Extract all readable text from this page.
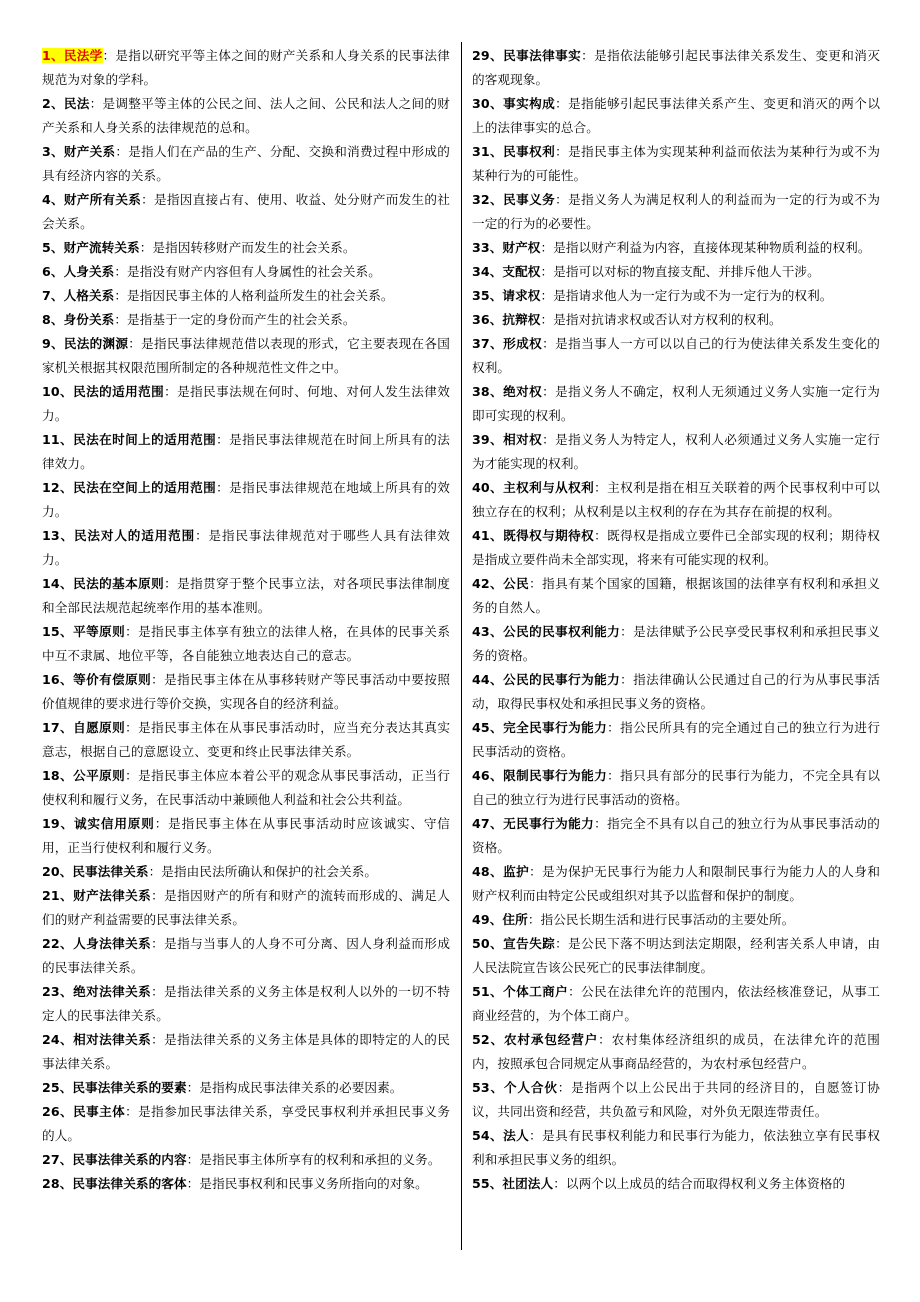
1、民法学：是指以研究平等主体之间的财产关系和人身关系的民事法律规范为对象的学科。

2、民法：是调整平等主体的公民之间、法人之间、公民和法人之间的财产关系和人身关系的法律规范的总和。

3、财产关系：是指人们在产品的生产、分配、交换和消费过程中形成的具有经济内容的关系。

4、财产所有关系：是指因直接占有、使用、收益、处分财产而发生的社会关系。

5、财产流转关系：是指因转移财产而发生的社会关系。

6、人身关系：是指没有财产内容但有人身属性的社会关系。

7、人格关系：是指因民事主体的人格利益所发生的社会关系。

8、身份关系：是指基于一定的身份而产生的社会关系。

9、民法的渊源：是指民事法律规范借以表现的形式，它主要表现在各国家机关根据其权限范围所制定的各种规范性文件之中。

10、民法的适用范围：是指民事法规在何时、何地、对何人发生法律效力。

11、民法在时间上的适用范围：是指民事法律规范在时间上所具有的法律效力。

12、民法在空间上的适用范围：是指民事法律规范在地域上所具有的效力。

13、民法对人的适用范围：是指民事法律规范对于哪些人具有法律效力。

14、民法的基本原则：是指贯穿于整个民事立法，对各项民事法律制度和全部民法规范起统率作用的基本准则。

15、平等原则：是指民事主体享有独立的法律人格，在具体的民事关系中互不隶属、地位平等，各自能独立地表达自己的意志。

16、等价有偿原则：是指民事主体在从事移转财产等民事活动中要按照价值规律的要求进行等价交换，实现各自的经济利益。

17、自愿原则：是指民事主体在从事民事活动时，应当充分表达其真实意志，根据自己的意愿设立、变更和终止民事法律关系。

18、公平原则：是指民事主体应本着公平的观念从事民事活动，正当行使权利和履行义务，在民事活动中兼顾他人利益和社会公共利益。

19、诚实信用原则：是指民事主体在从事民事活动时应该诚实、守信用，正当行使权利和履行义务。

20、民事法律关系：是指由民法所确认和保护的社会关系。

21、财产法律关系：是指因财产的所有和财产的流转而形成的、满足人们的财产利益需要的民事法律关系。

22、人身法律关系：是指与当事人的人身不可分离、因人身利益而形成的民事法律关系。

23、绝对法律关系：是指法律关系的义务主体是权利人以外的一切不特定人的民事法律关系。

24、相对法律关系：是指法律关系的义务主体是具体的即特定的人的民事法律关系。

25、民事法律关系的要素：是指构成民事法律关系的必要因素。

26、民事主体：是指参加民事法律关系，享受民事权利并承担民事义务的人。

27、民事法律关系的内容：是指民事主体所享有的权利和承担的义务。

28、民事法律关系的客体：是指民事权利和民事义务所指向的对象。

29、民事法律事实：是指依法能够引起民事法律关系发生、变更和消灭的客观现象。

30、事实构成：是指能够引起民事法律关系产生、变更和消灭的两个以上的法律事实的总合。

31、民事权利：是指民事主体为实现某种利益而依法为某种行为或不为某种行为的可能性。

32、民事义务：是指义务人为满足权利人的利益而为一定的行为或不为一定的行为的必要性。

33、财产权：是指以财产利益为内容，直接体现某种物质利益的权利。

34、支配权：是指可以对标的物直接支配、并排斥他人干涉。

35、请求权：是指请求他人为一定行为或不为一定行为的权利。

36、抗辩权：是指对抗请求权或否认对方权利的权利。

37、形成权：是指当事人一方可以以自己的行为使法律关系发生变化的权利。

38、绝对权：是指义务人不确定，权利人无须通过义务人实施一定行为即可实现的权利。

39、相对权：是指义务人为特定人，权利人必须通过义务人实施一定行为才能实现的权利。

40、主权利与从权利：主权利是指在相互关联着的两个民事权利中可以独立存在的权利；从权利是以主权利的存在为其存在前提的权利。

41、既得权与期待权：既得权是指成立要件已全部实现的权利；期待权是指成立要件尚未全部实现，将来有可能实现的权利。

42、公民：指具有某个国家的国籍，根据该国的法律享有权利和承担义务的自然人。

43、公民的民事权利能力：是法律赋予公民享受民事权利和承担民事义务的资格。

44、公民的民事行为能力：指法律确认公民通过自己的行为从事民事活动，取得民事权处和承担民事义务的资格。

45、完全民事行为能力：指公民所具有的完全通过自己的独立行为进行民事活动的资格。

46、限制民事行为能力：指只具有部分的民事行为能力，不完全具有以自己的独立行为进行民事活动的资格。

47、无民事行为能力：指完全不具有以自己的独立行为从事民事活动的资格。

48、监护：是为保护无民事行为能力人和限制民事行为能力人的人身和财产权利而由特定公民或组织对其予以监督和保护的制度。

49、住所：指公民长期生活和进行民事活动的主要处所。

50、宣告失踪：是公民下落不明达到法定期限，经利害关系人申请，由人民法院宣告该公民死亡的民事法律制度。

51、个体工商户：公民在法律允许的范围内，依法经核准登记，从事工商业经营的，为个体工商户。

52、农村承包经营户：农村集体经济组织的成员，在法律允许的范围内，按照承包合同规定从事商品经营的，为农村承包经营户。

53、个人合伙：是指两个以上公民出于共同的经济目的，自愿签订协议，共同出资和经营，共负盈亏和风险，对外负无限连带责任。

54、法人：是具有民事权利能力和民事行为能力，依法独立享有民事权利和承担民事义务的组织。

55、社团法人：以两个以上成员的结合而取得权利义务主体资格的
